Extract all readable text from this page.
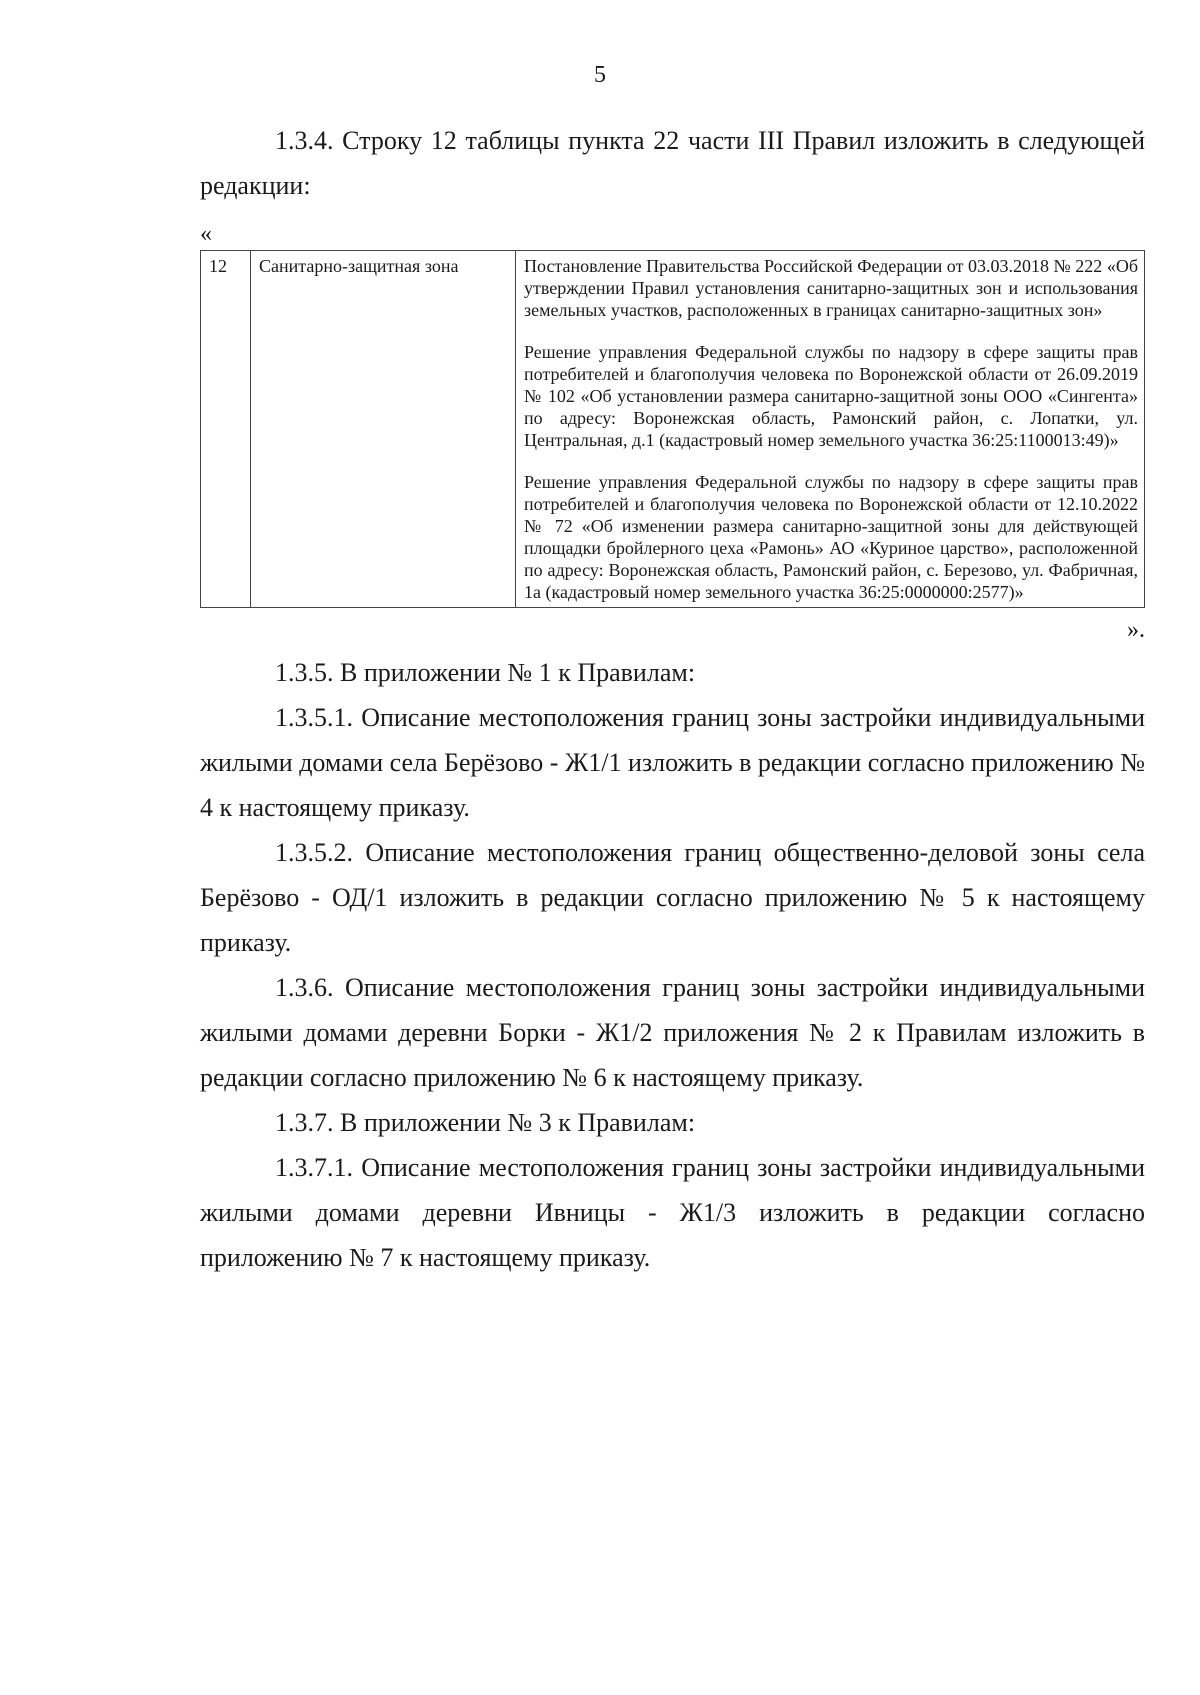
5

1.3.4. Строку 12 таблицы пункта 22 части III Правил изложить в следующей редакции:

«
12	Санитарно-защитная зона	Постановление Правительства Российской Федерации от 03.03.2018 № 222 «Об утверждении Правил установления санитарно-защитных зон и использования земельных участков, расположенных в границах санитарно-защитных зон»

Решение управления Федеральной службы по надзору в сфере защиты прав потребителей и благополучия человека по Воронежской области от 26.09.2019 № 102 «Об установлении размера санитарно-защитной зоны ООО «Сингента» по адресу: Воронежская область, Рамонский район, с. Лопатки, ул. Центральная, д.1 (кадастровый номер земельного участка 36:25:1100013:49)»

Решение управления Федеральной службы по надзору в сфере защиты прав потребителей и благополучия человека по Воронежской области от 12.10.2022 № 72 «Об изменении размера санитарно-защитной зоны для действующей площадки бройлерного цеха «Рамонь» АО «Куриное царство», расположенной по адресу: Воронежская область, Рамонский район, с. Березово, ул. Фабричная, 1а (кадастровый номер земельного участка 36:25:0000000:2577)»

».

1.3.5. В приложении № 1 к Правилам:

1.3.5.1. Описание местоположения границ зоны застройки индивидуальными жилыми домами села Берёзово - Ж1/1 изложить в редакции согласно приложению № 4 к настоящему приказу.

1.3.5.2. Описание местоположения границ общественно-деловой зоны села Берёзово - ОД/1 изложить в редакции согласно приложению № 5 к настоящему приказу.

1.3.6. Описание местоположения границ зоны застройки индивидуальными жилыми домами деревни Борки - Ж1/2 приложения № 2 к Правилам изложить в редакции согласно приложению № 6 к настоящему приказу.

1.3.7. В приложении № 3 к Правилам:

1.3.7.1. Описание местоположения границ зоны застройки индивидуальными жилыми домами деревни Ивницы - Ж1/3 изложить в редакции согласно приложению № 7 к настоящему приказу.
